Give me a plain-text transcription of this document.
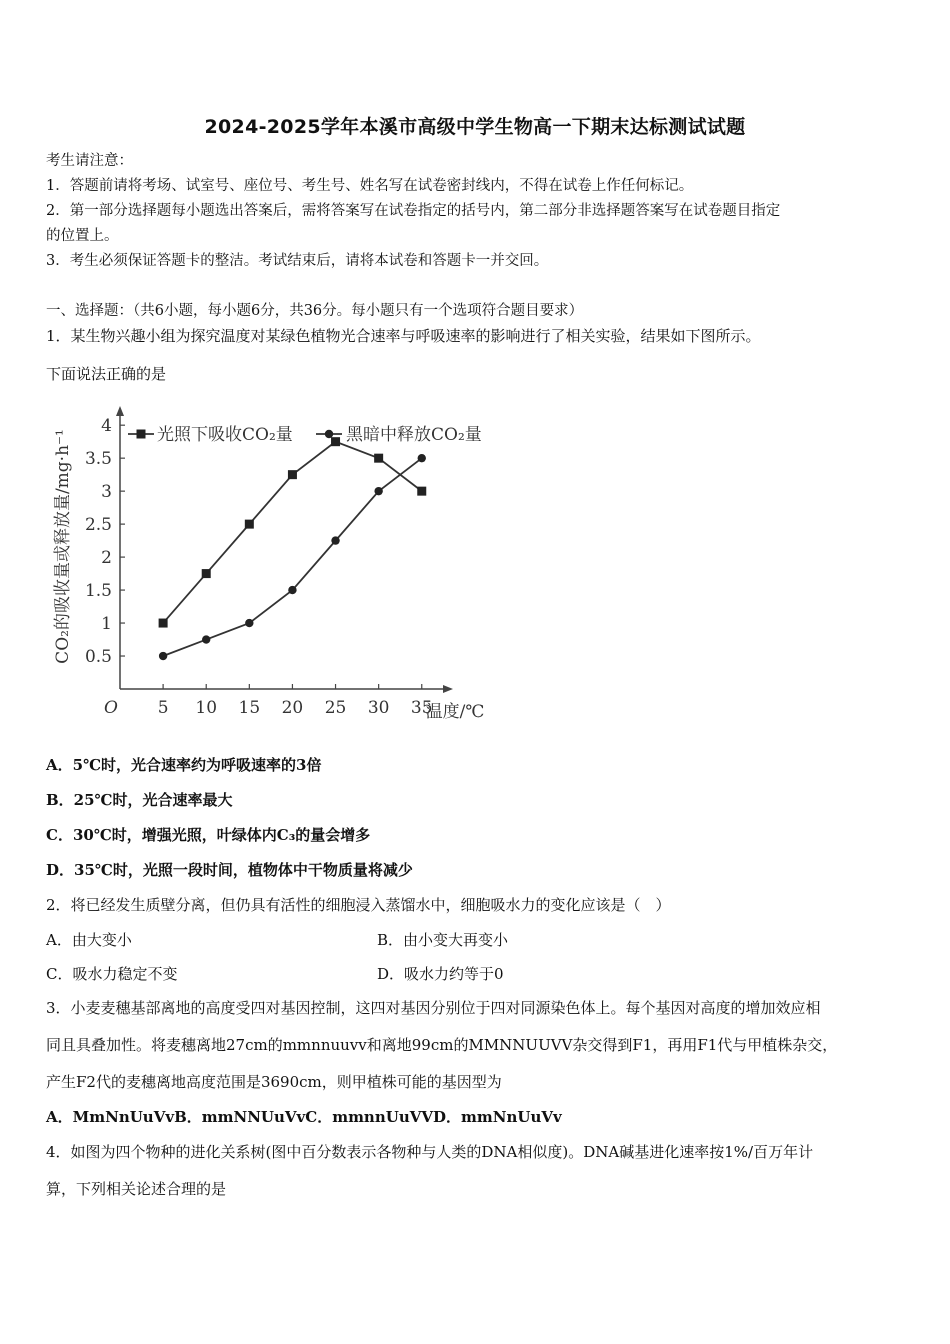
2024-2025学年本溪市高级中学生物高一下期末达标测试试题
考生请注意：
1．答题前请将考场、试室号、座位号、考生号、姓名写在试卷密封线内，不得在试卷上作任何标记。
2．第一部分选择题每小题选出答案后，需将答案写在试卷指定的括号内，第二部分非选择题答案写在试卷题目指定
的位置上。
3．考生必须保证答题卡的整洁。考试结束后，请将本试卷和答题卡一并交回。
一、选择题：（共6小题，每小题6分，共36分。每小题只有一个选项符合题目要求）
1．某生物兴趣小组为探究温度对某绿色植物光合速率与呼吸速率的影响进行了相关实验，结果如下图所示。
下面说法正确的是
O 5 10 15 20 25 30 35
温度/℃
0.5
1
1.5
2
2.5
3
3.5
4
CO₂的吸收量或释放量/mg·h⁻¹	光照下吸收CO₂量	黑暗中释放CO₂量
A．5℃时，光合速率约为呼吸速率的3倍
B．25℃时，光合速率最大
C．30℃时，增强光照，叶绿体内C₃的量会增多
D．35℃时，光照一段时间，植物体中干物质量将减少
2．将已经发生质壁分离，但仍具有活性的细胞浸入蒸馏水中，细胞吸水力的变化应该是（　）
A．由大变小	B．由小变大再变小
C．吸水力稳定不变	D．吸水力约等于0
3．小麦麦穗基部离地的高度受四对基因控制，这四对基因分别位于四对同源染色体上。每个基因对高度的增加效应相
同且具叠加性。将麦穗离地27cm的mmnnuuvv和离地99cm的MMNNUUVV杂交得到F1，再用F1代与甲植株杂交，
产生F2代的麦穗离地高度范围是3690cm，则甲植株可能的基因型为
A．MmNnUuVvB．mmNNUuVvC．mmnnUuVVD．mmNnUuVv
4．如图为四个物种的进化关系树(图中百分数表示各物种与人类的DNA相似度)。DNA碱基进化速率按1%/百万年计
算，下列相关论述合理的是
